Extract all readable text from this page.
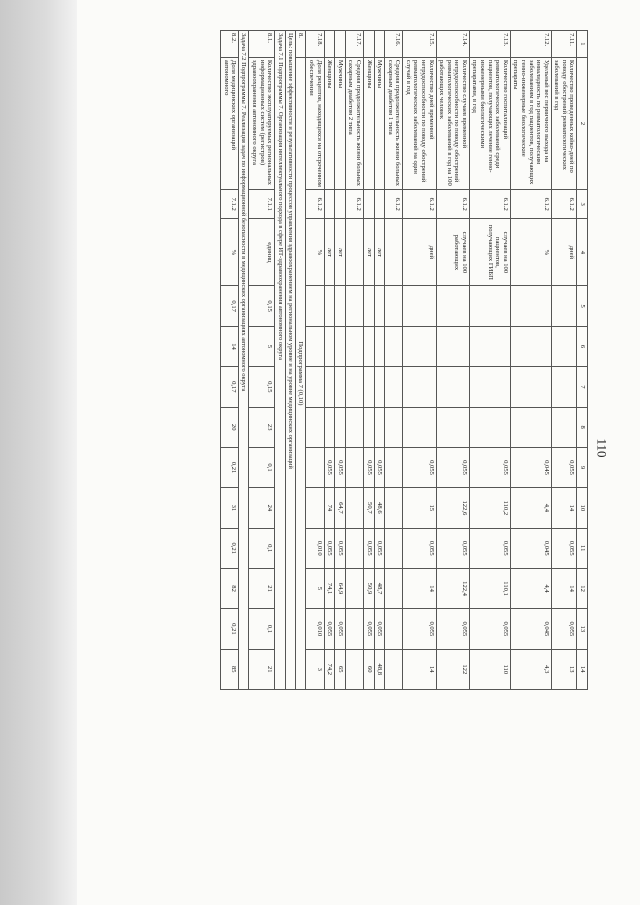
110
1	2	3	4	5	6	7	8	9	10	11	12	13	14
7.11.	Количество проведенных койко-дней по поводу обострений ревматологических заболеваний в год	6.1.2	дней					0,055	14	0,055	14	0,055	13
7.12.	Удельный вес первичного выхода на инвалидность по ревматологическим заболеваниям в год пациентов, получающих генно-инженерные биологические препараты	6.1.2	%					0,045	4,4	0,045	4,4	0,045	4,3
7.13.	Количество госпитализаций ревматологических заболеваний среди пациентов, получающих лечение генно-инженерными биологическими препаратами, в год	6.1.2	случаев на 100 пациентов, получающих ГИБП					0,055	110,2	0,055	110,1	0,055	110
7.14.	Количество случаев временной нетрудоспособности по поводу обострений ревматологических заболеваний в год на 100 работающих человек	6.1.2	случаев на 100 работающих					0,055	122,6	0,055	122,4	0,055	122
7.15.	Количество дней временной нетрудоспособности по поводу обострений ревматологических заболеваний на один случай в год	6.1.2	дней					0,055	15	0,055	14	0,055	14
7.16.	Средняя продолжительность жизни больных сахарным диабетом 1 типа	6.1.2											
	Мужчины		лет					0,055	48,6	0,055	48,7	0,055	48,8
	Женщины		лет					0,055	50,7	0,055	50,9	0,055	60
7.17.	Средняя продолжительность жизни больных сахарным диабетом 2 типа	6.1.2											
	Мужчины		лет					0,055	64,7	0,055	64,9	0,055	65
	Женщины		лет					0,055	74	0,055	74,1	0,055	74,2
7.18.	Доля рецептов, находящихся на отсроченном обеспечении	6.1.2	%							0,010	5	0,010	3
8.	Подпрограмма 7 (0,10)												
Цель: повышение эффективности и результативности процессов управления здравоохранением на региональном уровне и на уровне медицинских организаций													
Задача 7.1 Подпрограммы 7. Организация интеллектуального подхода в сфере ИТ-здравоохранения автономного округа													
8.1.	Количество эксплуатируемых региональных информационных систем (регистров) здравоохранения автономного округа	7.1.1	единиц	0,15	5	0,15	23	0,1	24	0,1	21	0,1	21
Задача 7.2 Подпрограммы 7. Реализация задач по информационной безопасности в медицинских организациях автономного округа													
8.2.	Доля медицинских организаций автономного	7.1.2	%	0,17	14	0,17	20	0,21	31	0,21	82	0,21	85
